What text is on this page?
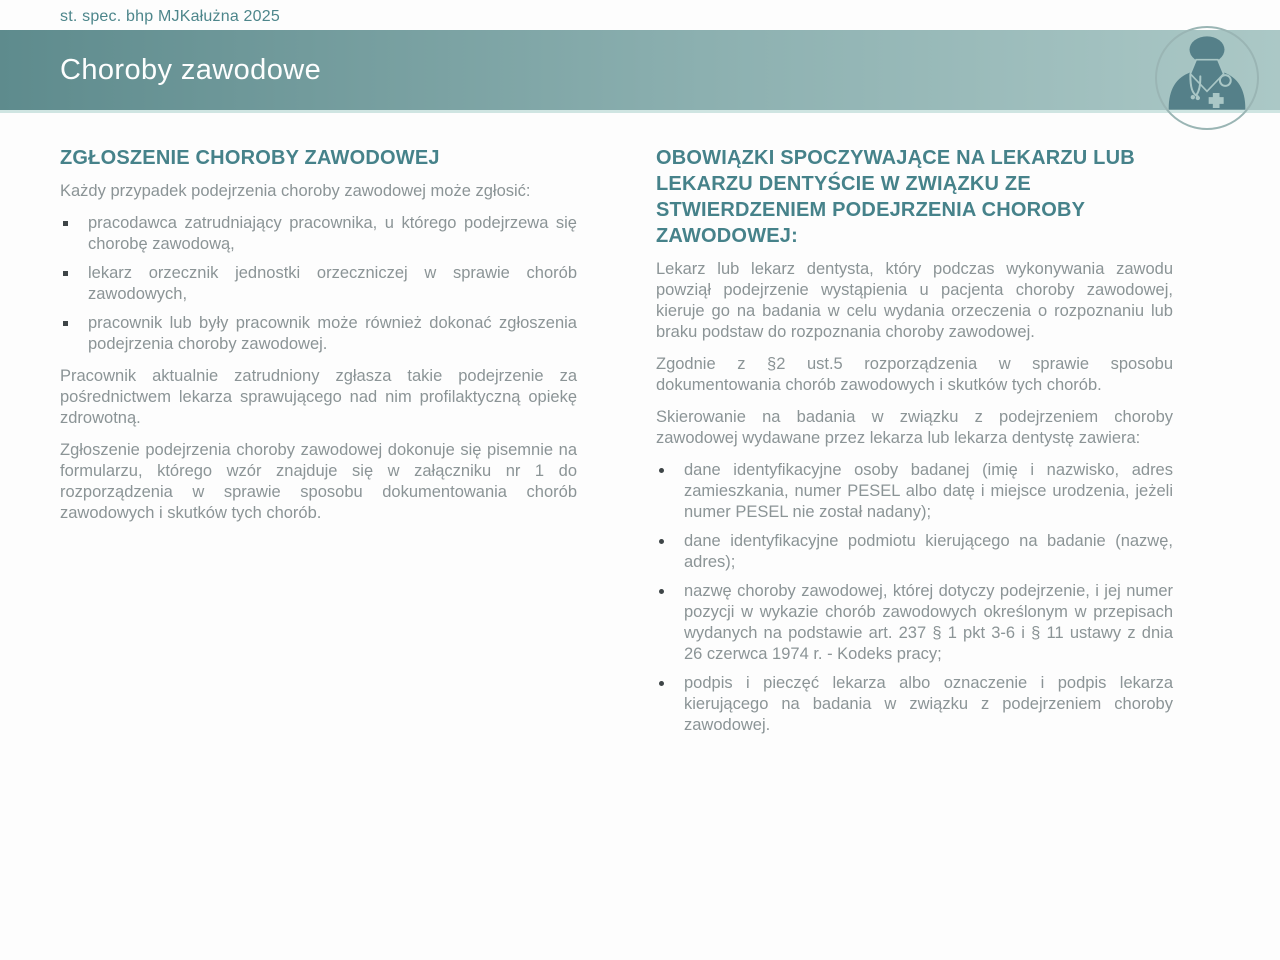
st. spec. bhp MJKałużna 2025
Choroby zawodowe
ZGŁOSZENIE CHOROBY ZAWODOWEJ

Każdy przypadek podejrzenia choroby zawodowej może zgłosić:

pracodawca zatrudniający pracownika, u którego podejrzewa się chorobę zawodową,
lekarz orzecznik jednostki orzeczniczej w sprawie chorób zawodowych,
pracownik lub były pracownik może również dokonać zgłoszenia podejrzenia choroby zawodowej.

Pracownik aktualnie zatrudniony zgłasza takie podejrzenie za pośrednictwem lekarza sprawującego nad nim profilaktyczną opiekę zdrowotną.

Zgłoszenie podejrzenia choroby zawodowej dokonuje się pisemnie na formularzu, którego wzór znajduje się w załączniku nr 1 do rozporządzenia w sprawie sposobu dokumentowania chorób zawodowych i skutków tych chorób.

OBOWIĄZKI SPOCZYWAJĄCE NA LEKARZU LUB LEKARZU DENTYŚCIE W ZWIĄZKU ZE STWIERDZENIEM PODEJRZENIA CHOROBY ZAWODOWEJ:

Lekarz lub lekarz dentysta, który podczas wykonywania zawodu powziął podejrzenie wystąpienia u pacjenta choroby zawodowej, kieruje go na badania w celu wydania orzeczenia o rozpoznaniu lub braku podstaw do rozpoznania choroby zawodowej.

Zgodnie z §2 ust.5 rozporządzenia w sprawie sposobu dokumentowania chorób zawodowych i skutków tych chorób.

Skierowanie na badania w związku z podejrzeniem choroby zawodowej wydawane przez lekarza lub lekarza dentystę zawiera:

dane identyfikacyjne osoby badanej (imię i nazwisko, adres zamieszkania, numer PESEL albo datę i miejsce urodzenia, jeżeli numer PESEL nie został nadany);
dane identyfikacyjne podmiotu kierującego na badanie (nazwę, adres);
nazwę choroby zawodowej, której dotyczy podejrzenie, i jej numer pozycji w wykazie chorób zawodowych określonym w przepisach wydanych na podstawie art. 237 § 1 pkt 3-6 i § 11 ustawy z dnia 26 czerwca 1974 r. - Kodeks pracy;
podpis i pieczęć lekarza albo oznaczenie i podpis lekarza kierującego na badania w związku z podejrzeniem choroby zawodowej.
